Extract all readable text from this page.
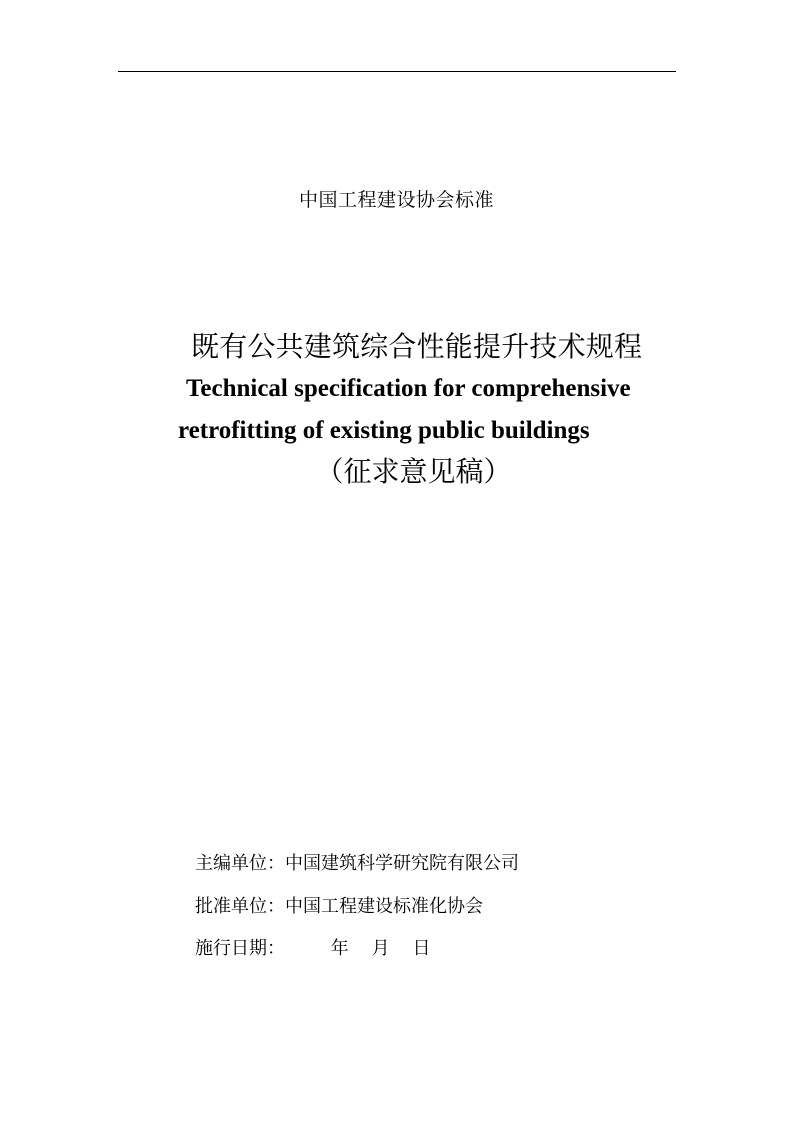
中国工程建设协会标准
既有公共建筑综合性能提升技术规程
Technical specification for comprehensive
retrofitting of existing public buildings
（征求意见稿）
主编单位：中国建筑科学研究院有限公司
批准单位：中国工程建设标准化协会
施行日期：        年    月    日
